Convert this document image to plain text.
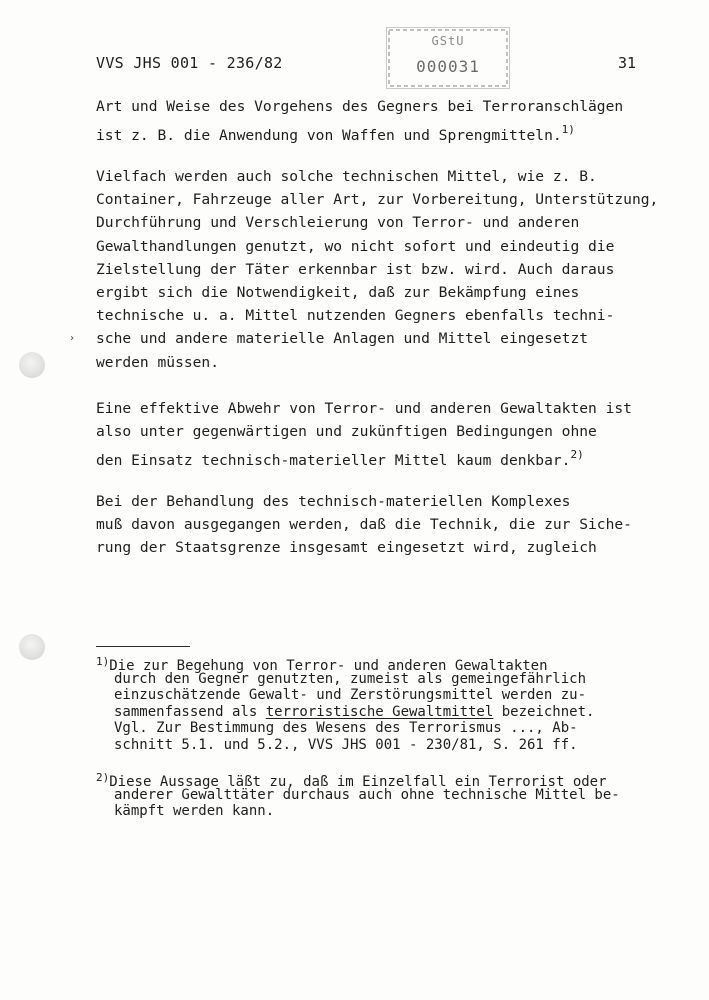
VVS JHS 001 - 236/82
GStU
000031	31
›
Art und Weise des Vorgehens des Gegners bei Terroranschlägen
ist z. B. die Anwendung von Waffen und Sprengmitteln.$^{1)}$
Vielfach werden auch solche technischen Mittel, wie z. B.
Container, Fahrzeuge aller Art, zur Vorbereitung, Unterstützung,
Durchführung und Verschleierung von Terror- und anderen
Gewalthandlungen genutzt, wo nicht sofort und eindeutig die
Zielstellung der Täter erkennbar ist bzw. wird. Auch daraus
ergibt sich die Notwendigkeit, daß zur Bekämpfung eines
technische u. a. Mittel nutzenden Gegners ebenfalls techni-
sche und andere materielle Anlagen und Mittel eingesetzt
werden müssen.
Eine effektive Abwehr von Terror- und anderen Gewaltakten ist
also unter gegenwärtigen und zukünftigen Bedingungen ohne
den Einsatz technisch-materieller Mittel kaum denkbar.$^{2)}$
Bei der Behandlung des technisch-materiellen Komplexes
muß davon ausgegangen werden, daß die Technik, die zur Siche-
rung der Staatsgrenze insgesamt eingesetzt wird, zugleich
$^{1)}$Die zur Begehung von Terror- und anderen Gewaltakten
durch den Gegner genutzten, zumeist als gemeingefährlich
einzuschätzende Gewalt- und Zerstörungsmittel werden zu-
sammenfassend als terroristische Gewaltmittel bezeichnet.
Vgl. Zur Bestimmung des Wesens des Terrorismus ..., Ab-
schnitt 5.1. und 5.2., VVS JHS 001 - 230/81, S. 261 ff.
$^{2)}$Diese Aussage läßt zu, daß im Einzelfall ein Terrorist oder
anderer Gewalttäter durchaus auch ohne technische Mittel be-
kämpft werden kann.
